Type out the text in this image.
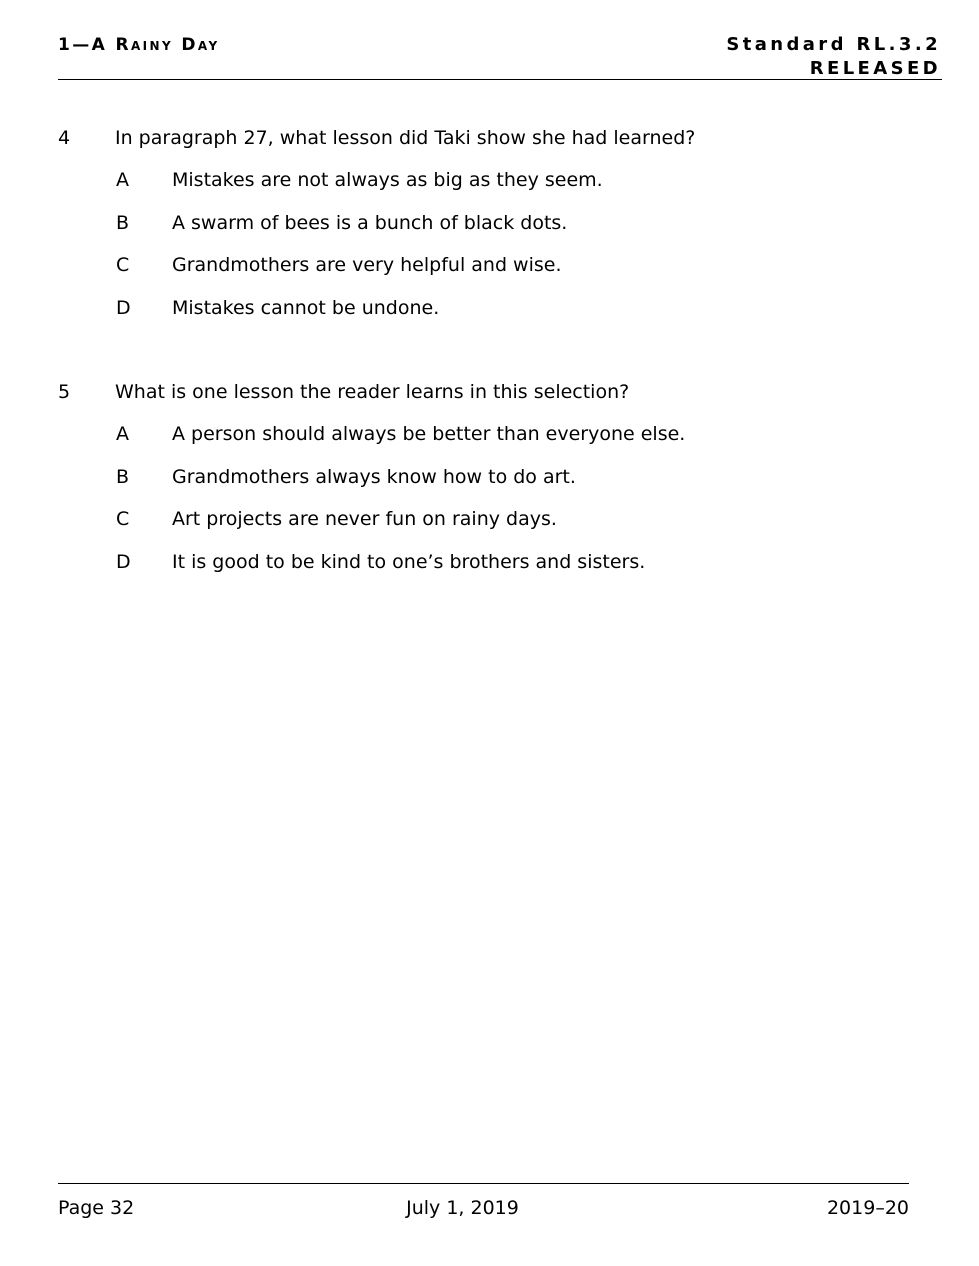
1—A Rainy Day	Standard RL.3.2
RELEASED
4 In paragraph 27, what lesson did Taki show she had learned?
A Mistakes are not always as big as they seem.
B A swarm of bees is a bunch of black dots.
C Grandmothers are very helpful and wise.
D Mistakes cannot be undone.
5 What is one lesson the reader learns in this selection?
A A person should always be better than everyone else.
B Grandmothers always know how to do art.
C Art projects are never fun on rainy days.
D It is good to be kind to one’s brothers and sisters.
Page 32	July 1, 2019	2019–20
